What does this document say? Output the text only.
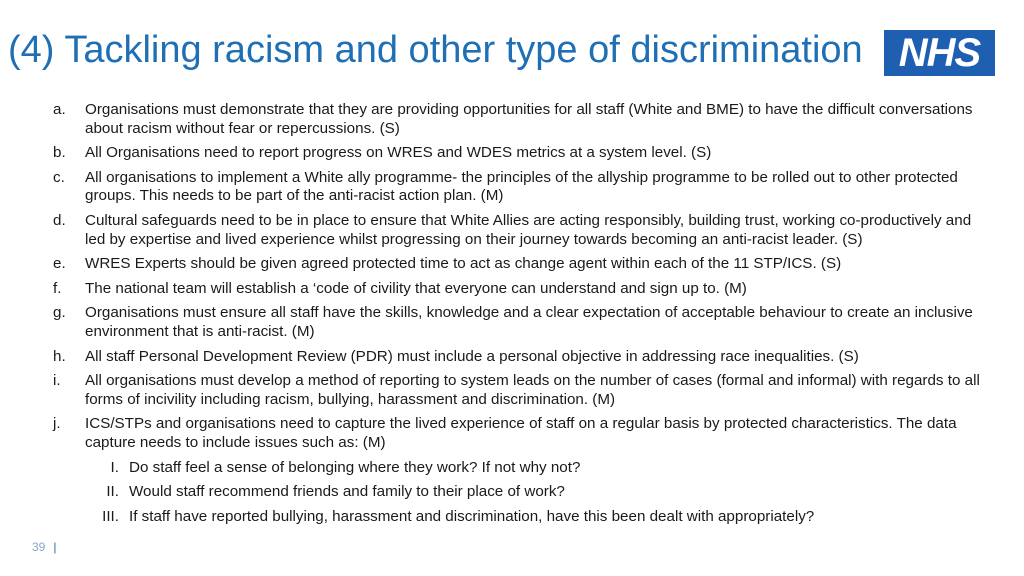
(4) Tackling racism and other type of discrimination NHS
a.	Organisations must demonstrate that they are providing opportunities for all staff (White and BME) to have the difficult conversations about racism without fear or repercussions. (S)
b.	All Organisations need to report progress on WRES and WDES metrics at a system level. (S)
c.	All organisations to implement a White ally programme- the principles of the allyship programme to be rolled out to other protected groups. This needs to be part of the anti-racist action plan. (M)
d.	Cultural safeguards need to be in place to ensure that White Allies are acting responsibly, building trust, working co-productively and led by expertise and lived experience whilst progressing on their journey towards becoming an anti-racist leader. (S)
e.	WRES Experts should be given agreed protected time to act as change agent within each of the 11 STP/ICS. (S)
f.	The national team will establish a ‘code of civility that everyone can understand and sign up to. (M)
g.	Organisations must ensure all staff have the skills, knowledge and a clear expectation of acceptable behaviour to create an inclusive environment that is anti-racist. (M)
h.	All staff Personal Development Review (PDR) must include a personal objective in addressing race inequalities. (S)
i.	All organisations must develop a method of reporting to system leads on the number of cases (formal and informal) with regards to all forms of incivility including racism, bullying, harassment and discrimination. (M)
j.	ICS/STPs and organisations need to capture the lived experience of staff on a regular basis by protected characteristics. The data capture needs to include issues such as: (M)
I. Do staff feel a sense of belonging where they work? If not why not?
II. Would staff recommend friends and family to their place of work?
III. If staff have reported bullying, harassment and discrimination, have this been dealt with appropriately?
39 |
